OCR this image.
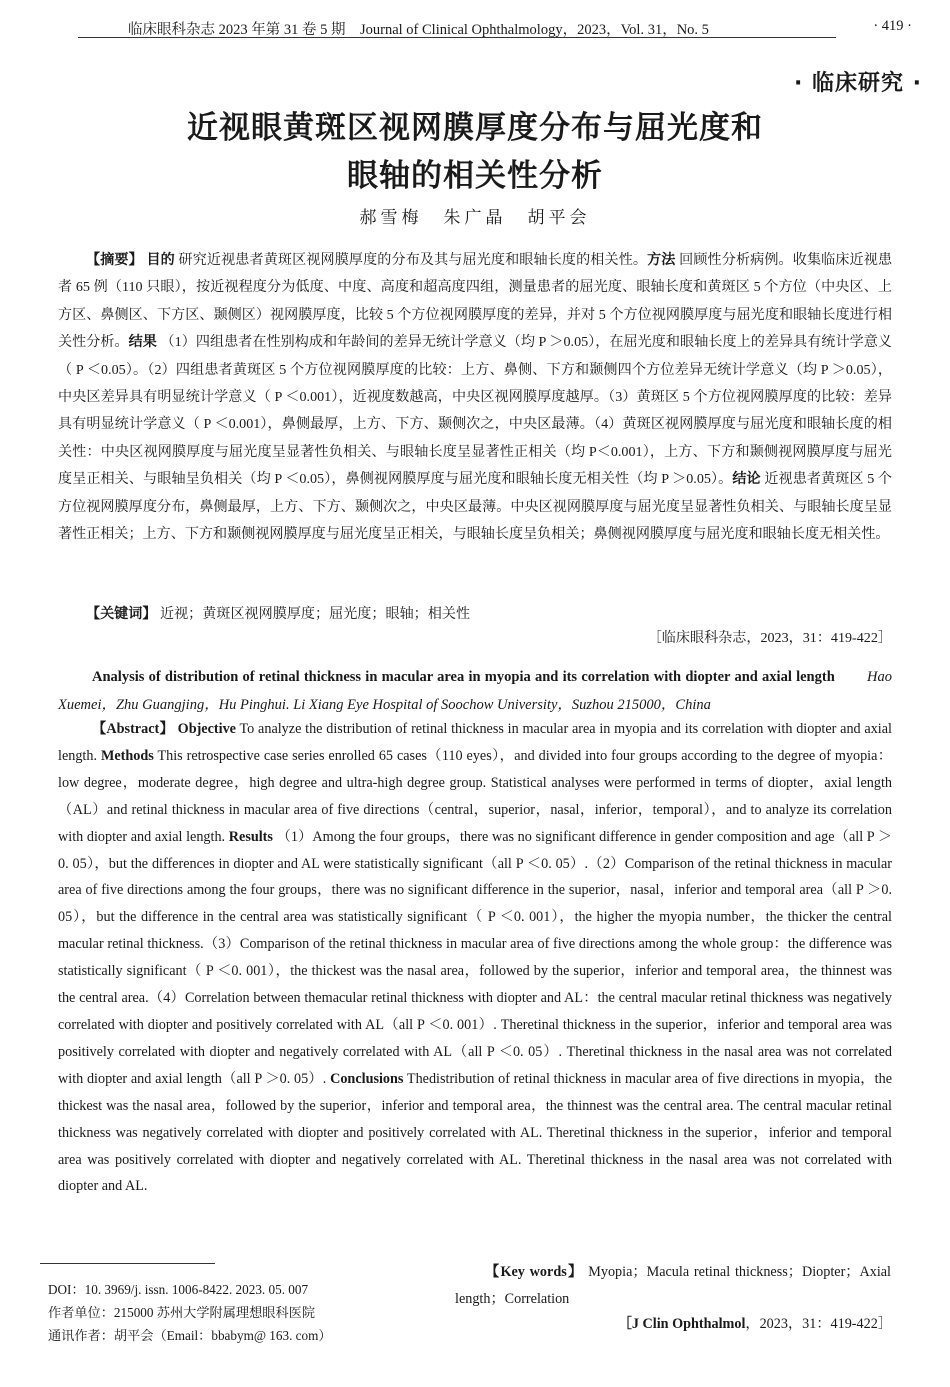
临床眼科杂志 2023 年第 31 卷 5 期　Journal of Clinical Ophthalmology，2023，Vol. 31，No. 5	· 419 ·
· 临床研究 ·
近视眼黄斑区视网膜厚度分布与屈光度和
眼轴的相关性分析
郝雪梅　朱广晶　胡平会
【摘要】 目的 研究近视患者黄斑区视网膜厚度的分布及其与屈光度和眼轴长度的相关性。方法 回顾性分析病例。收集临床近视患者 65 例（110 只眼），按近视程度分为低度、中度、高度和超高度四组，测量患者的屈光度、眼轴长度和黄斑区 5 个方位（中央区、上方区、鼻侧区、下方区、颞侧区）视网膜厚度，比较 5 个方位视网膜厚度的差异，并对 5 个方位视网膜厚度与屈光度和眼轴长度进行相关性分析。结果 （1）四组患者在性别构成和年龄间的差异无统计学意义（均 P ＞0.05），在屈光度和眼轴长度上的差异具有统计学意义（ P ＜0.05）。（2）四组患者黄斑区 5 个方位视网膜厚度的比较：上方、鼻侧、下方和颞侧四个方位差异无统计学意义（均 P ＞0.05），中央区差异具有明显统计学意义（ P ＜0.001），近视度数越高，中央区视网膜厚度越厚。（3）黄斑区 5 个方位视网膜厚度的比较：差异具有明显统计学意义（ P ＜0.001），鼻侧最厚，上方、下方、颞侧次之，中央区最薄。（4）黄斑区视网膜厚度与屈光度和眼轴长度的相关性：中央区视网膜厚度与屈光度呈显著性负相关、与眼轴长度呈显著性正相关（均 P＜0.001），上方、下方和颞侧视网膜厚度与屈光度呈正相关、与眼轴呈负相关（均 P ＜0.05），鼻侧视网膜厚度与屈光度和眼轴长度无相关性（均 P ＞0.05）。结论 近视患者黄斑区 5 个方位视网膜厚度分布，鼻侧最厚，上方、下方、颞侧次之，中央区最薄。中央区视网膜厚度与屈光度呈显著性负相关、与眼轴长度呈显著性正相关；上方、下方和颞侧视网膜厚度与屈光度呈正相关，与眼轴长度呈负相关；鼻侧视网膜厚度与屈光度和眼轴长度无相关性。
【关键词】 近视；黄斑区视网膜厚度；屈光度；眼轴；相关性
［临床眼科杂志，2023，31：419-422］
Analysis of distribution of retinal thickness in macular area in myopia and its correlation with diopter and axial length Hao Xuemei，Zhu Guangjing，Hu Pinghui. Li Xiang Eye Hospital of Soochow University，Suzhou 215000，China
【Abstract】 Objective To analyze the distribution of retinal thickness in macular area in myopia and its correlation with diopter and axial length. Methods This retrospective case series enrolled 65 cases（110 eyes），and divided into four groups according to the degree of myopia：low degree，moderate degree，high degree and ultra-high degree group. Statistical analyses were performed in terms of diopter，axial length（AL）and retinal thickness in macular area of five directions（central，superior，nasal，inferior，temporal），and to analyze its correlation with diopter and axial length. Results （1）Among the four groups，there was no significant difference in gender composition and age（all P ＞0. 05），but the differences in diopter and AL were statistically significant（all P ＜0. 05）.（2）Comparison of the retinal thickness in macular area of five directions among the four groups，there was no significant difference in the superior，nasal，inferior and temporal area（all P ＞0. 05），but the difference in the central area was statistically significant（ P ＜0. 001），the higher the myopia number，the thicker the central macular retinal thickness.（3）Comparison of the retinal thickness in macular area of five directions among the whole group：the difference was statistically significant（ P ＜0. 001），the thickest was the nasal area，followed by the superior，inferior and temporal area，the thinnest was the central area.（4）Correlation between themacular retinal thickness with diopter and AL：the central macular retinal thickness was negatively correlated with diopter and positively correlated with AL（all P ＜0. 001）. Theretinal thickness in the superior，inferior and temporal area was positively correlated with diopter and negatively correlated with AL（all P ＜0. 05）. Theretinal thickness in the nasal area was not correlated with diopter and axial length（all P ＞0. 05）. Conclusions Thedistribution of retinal thickness in macular area of five directions in myopia，the thickest was the nasal area，followed by the superior，inferior and temporal area，the thinnest was the central area. The central macular retinal thickness was negatively correlated with diopter and positively correlated with AL. Theretinal thickness in the superior，inferior and temporal area was positively correlated with diopter and negatively correlated with AL. Theretinal thickness in the nasal area was not correlated with diopter and AL.
DOI：10. 3969/j. issn. 1006-8422. 2023. 05. 007
作者单位：215000 苏州大学附属理想眼科医院
通讯作者：胡平会（Email：bbabym@ 163. com）
【Key words】 Myopia；Macula retinal thickness；Diopter；Axial length；Correlation
［J Clin Ophthalmol，2023，31：419-422］
